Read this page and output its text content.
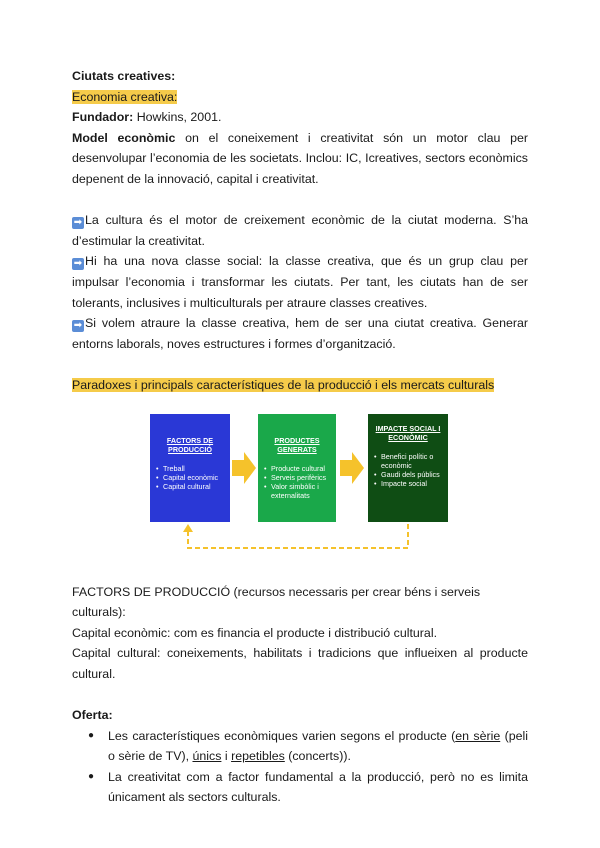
Ciutats creatives:

Economia creativa:

Fundador: Howkins, 2001.

Model econòmic on el coneixement i creativitat són un motor clau per desenvolupar l’economia de les societats. Inclou: IC, Icreatives, sectors econòmics depenent de la innovació, capital i creativitat.

➡ La cultura és el motor de creixement econòmic de la ciutat moderna. S’ha d’estimular la creativitat.

➡ Hi ha una nova classe social: la classe creativa, que és un grup clau per impulsar l’economia i transformar les ciutats. Per tant, les ciutats han de ser tolerants, inclusives i multiculturals per atraure classes creatives.

➡ Si volem atraure la classe creativa, hem de ser una ciutat creativa. Generar entorns laborals, noves estructures i formes d’organització.

Paradoxes i principals característiques de la producció i els mercats culturals

FACTORS DE PRODUCCIÓ (recursos necessaris per crear béns i serveis culturals):

Capital econòmic: com es financia el producte i distribució cultural.

Capital cultural: coneixements, habilitats i tradicions que influeixen al producte cultural.

Oferta:

● Les característiques econòmiques varien segons el producte (en sèrie (peli o sèrie de TV), únics i repetibles (concerts)).
● La creativitat com a factor fundamental a la producció, però no es limita únicament als sectors culturals.
FACTORS DE PRODUCCIÓ
• Treball
• Capital econòmic
• Capital cultural
PRODUCTES GENERATS
• Producte cultural
• Serveis perifèrics
• Valor simbòlic i externalitats
IMPACTE SOCIAL I ECONÒMIC
• Benefici polític o econòmic
• Gaudi dels públics
• Impacte social
